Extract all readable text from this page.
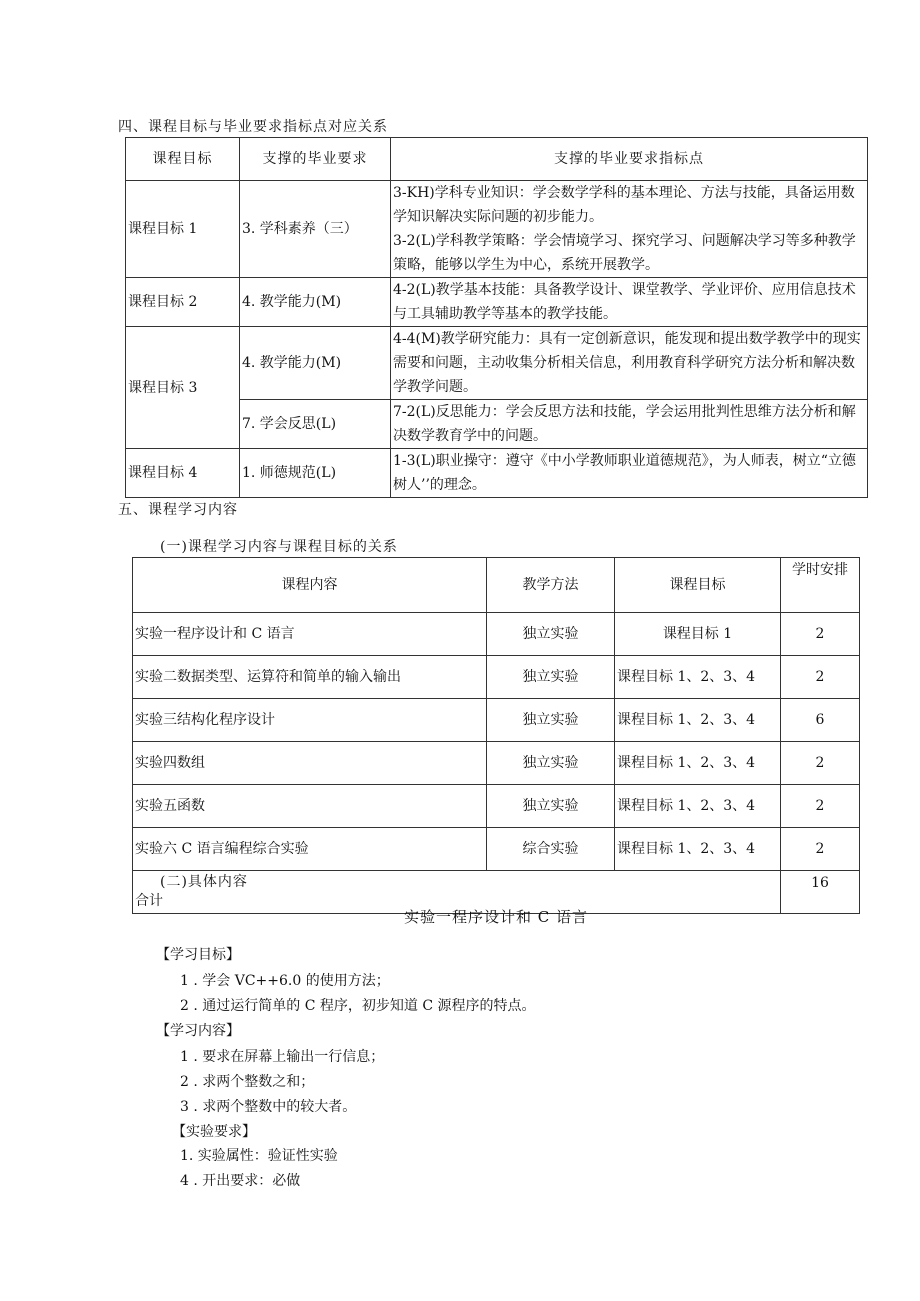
四、课程目标与毕业要求指标点对应关系
课程目标	支撑的毕业要求	支撑的毕业要求指标点
课程目标 1	3. 学科素养（三）	3-KH)学科专业知识：学会数学学科的基本理论、方法与技能，具备运用数学知识解决实际问题的初步能力。
3-2(L)学科教学策略：学会情境学习、探究学习、问题解决学习等多种教学策略，能够以学生为中心，系统开展教学。

课程目标 2	4. 教学能力(M)	4-2(L)教学基本技能：具备教学设计、课堂教学、学业评价、应用信息技术与工具辅助教学等基本的教学技能。
课程目标 3	4. 教学能力(M)	4-4(M)教学研究能力：具有一定创新意识，能发现和提出数学教学中的现实需要和问题，主动收集分析相关信息，利用教育科学研究方法分析和解决数学教学问题。
	7. 学会反思(L)	7-2(L)反思能力：学会反思方法和技能，学会运用批判性思维方法分析和解决数学教育学中的问题。
课程目标 4	1. 师德规范(L)	1-3(L)职业操守：遵守《中小学教师职业道德规范》，为人师表，树立“立德树人’’的理念。
五、课程学习内容
(一)课程学习内容与课程目标的关系
课程内容	教学方法	课程目标	学时安排
实验一程序设计和 C 语言	独立实验	课程目标 1	2
实验二数据类型、运算符和简单的输入输出	独立实验	课程目标 1、2、3、4	2
实验三结构化程序设计	独立实验	课程目标 1、2、3、4	6
实验四数组	独立实验	课程目标 1、2、3、4	2
实验五函数	独立实验	课程目标 1、2、3、4	2
实验六 C 语言编程综合实验	综合实验	课程目标 1、2、3、4	2
合计			16
(二)具体内容
实验一程序设计和 C 语言
【学习目标】
1 . 学会 VC++6.0 的使用方法；
2 . 通过运行简单的 C 程序，初步知道 C 源程序的特点。
【学习内容】
1 . 要求在屏幕上输出一行信息；
2 . 求两个整数之和；
3 . 求两个整数中的较大者。
【实验要求】
1. 实验属性：验证性实验
4 . 开出要求：必做
